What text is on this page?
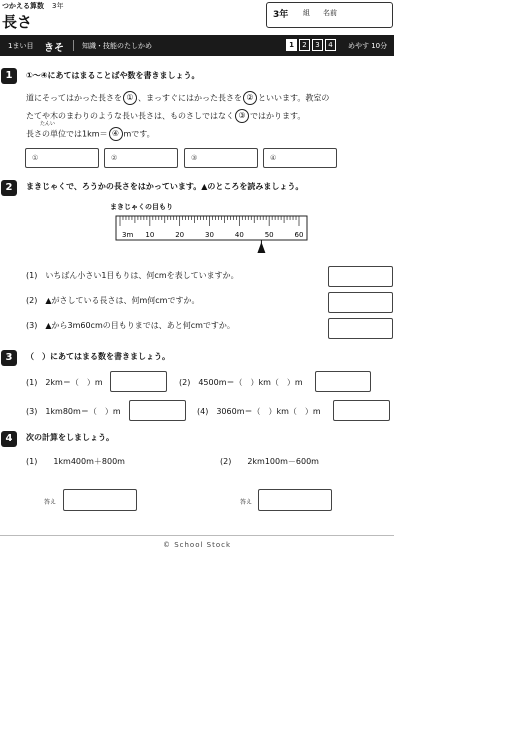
つかえる算数 3年
長さ	3年 組 名前
1まい目 きそ	知識・技能のたしかめ	1	2	3	4	めやす 10分
1	①～④にあてはまることばや数を書きましょう。
道にそってはかった長さを ① 、まっすぐにはかった長さを ② といいます。教室の
たてや木のまわりのような長い長さは、ものさしではなく ③ ではかります。
たんい
長さの単位では1km＝ ④ mです。
①	②	③	④
2	まきじゃくで、ろうかの長さをはかっています。▲のところを読みましょう。
まきじゃくの目もり
3m 10	20	30	40	50	60
(1)　いちばん小さい1目もりは、何cmを表していますか。
(2)　▲がさしている長さは、何m何cmですか。
(3)　▲から3m60cmの目もりまでは、あと何cmですか。
3	（　）にあてはまる数を書きましょう。
(1)　2km＝（　）m	(2)　4500m＝（　）km（　）m
(3)　1km80m＝（　）m	(4)　3060m＝（　）km（　）m
4	次の計算をしましょう。
(1)　　1km400m＋800m	(2)　　2km100m－600m
答え	答え
© School Stock
